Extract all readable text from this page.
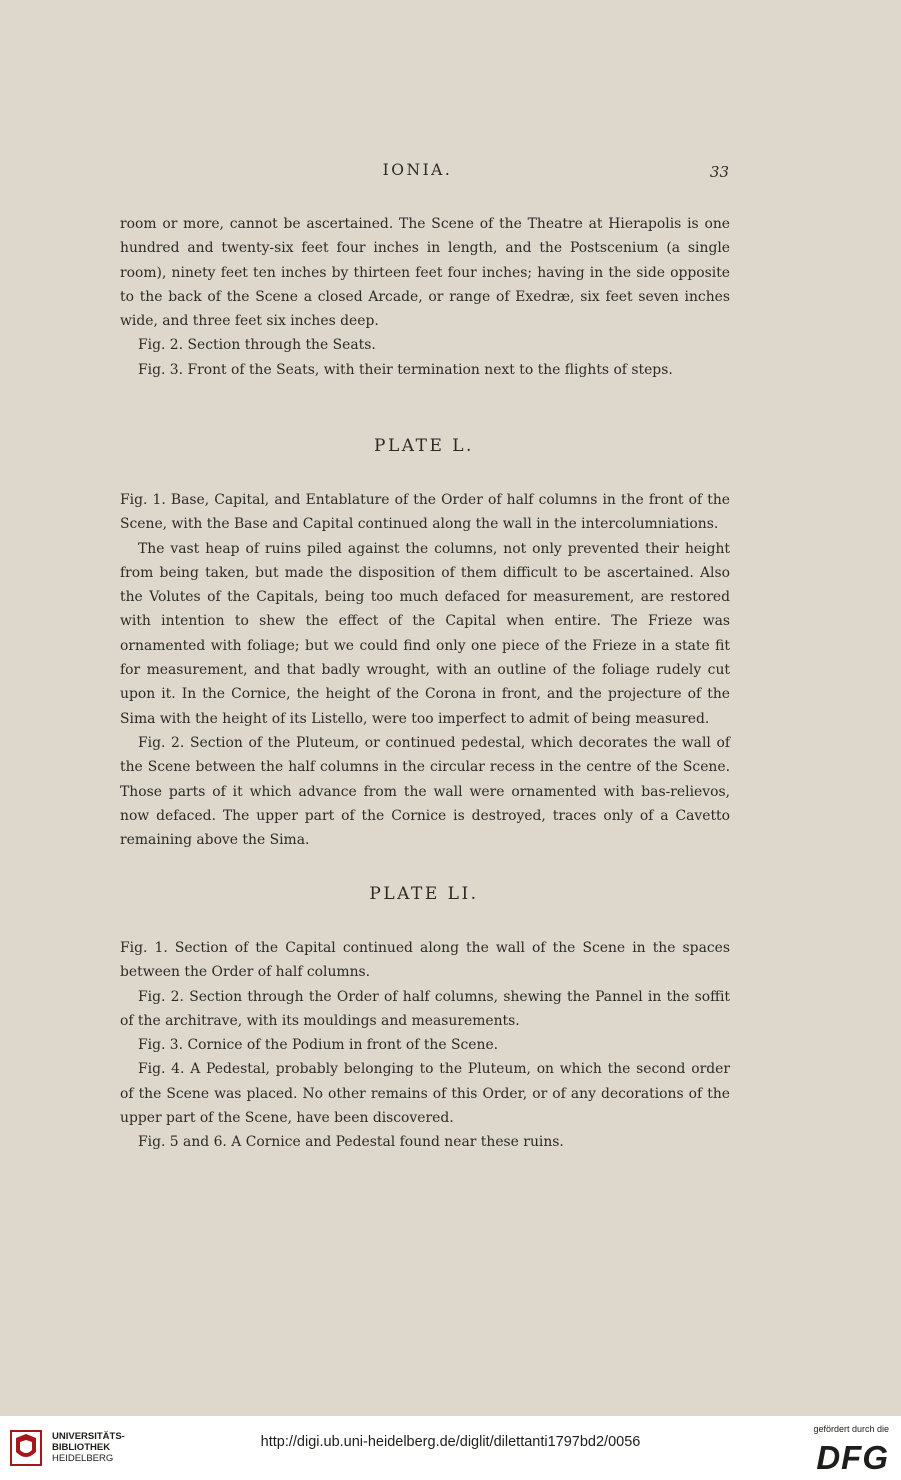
IONIA.	33

room or more, cannot be ascertained. The Scene of the Theatre at Hierapolis is one hundred and twenty-six feet four inches in length, and the Postscenium (a single room), ninety feet ten inches by thirteen feet four inches; having in the side opposite to the back of the Scene a closed Arcade, or range of Exedræ, six feet seven inches wide, and three feet six inches deep.

Fig. 2. Section through the Seats.

Fig. 3. Front of the Seats, with their termination next to the flights of steps.

PLATE L.

Fig. 1. Base, Capital, and Entablature of the Order of half columns in the front of the Scene, with the Base and Capital continued along the wall in the intercolumniations.

The vast heap of ruins piled against the columns, not only prevented their height from being taken, but made the disposition of them difficult to be ascertained. Also the Volutes of the Capitals, being too much defaced for measurement, are restored with intention to shew the effect of the Capital when entire. The Frieze was ornamented with foliage; but we could find only one piece of the Frieze in a state fit for measurement, and that badly wrought, with an outline of the foliage rudely cut upon it. In the Cornice, the height of the Corona in front, and the projecture of the Sima with the height of its Listello, were too imperfect to admit of being measured.

Fig. 2. Section of the Pluteum, or continued pedestal, which decorates the wall of the Scene between the half columns in the circular recess in the centre of the Scene. Those parts of it which advance from the wall were ornamented with bas-relievos, now defaced. The upper part of the Cornice is destroyed, traces only of a Cavetto remaining above the Sima.

PLATE LI.

Fig. 1. Section of the Capital continued along the wall of the Scene in the spaces between the Order of half columns.

Fig. 2. Section through the Order of half columns, shewing the Pannel in the soffit of the architrave, with its mouldings and measurements.

Fig. 3. Cornice of the Podium in front of the Scene.

Fig. 4. A Pedestal, probably belonging to the Pluteum, on which the second order of the Scene was placed. No other remains of this Order, or of any decorations of the upper part of the Scene, have been discovered.

Fig. 5 and 6. A Cornice and Pedestal found near these ruins.

UNIVERSITÄTS-
BIBLIOTHEK
HEIDELBERG
http://digi.ub.uni-heidelberg.de/diglit/dilettanti1797bd2/0056
gefördert durch die
DFG
